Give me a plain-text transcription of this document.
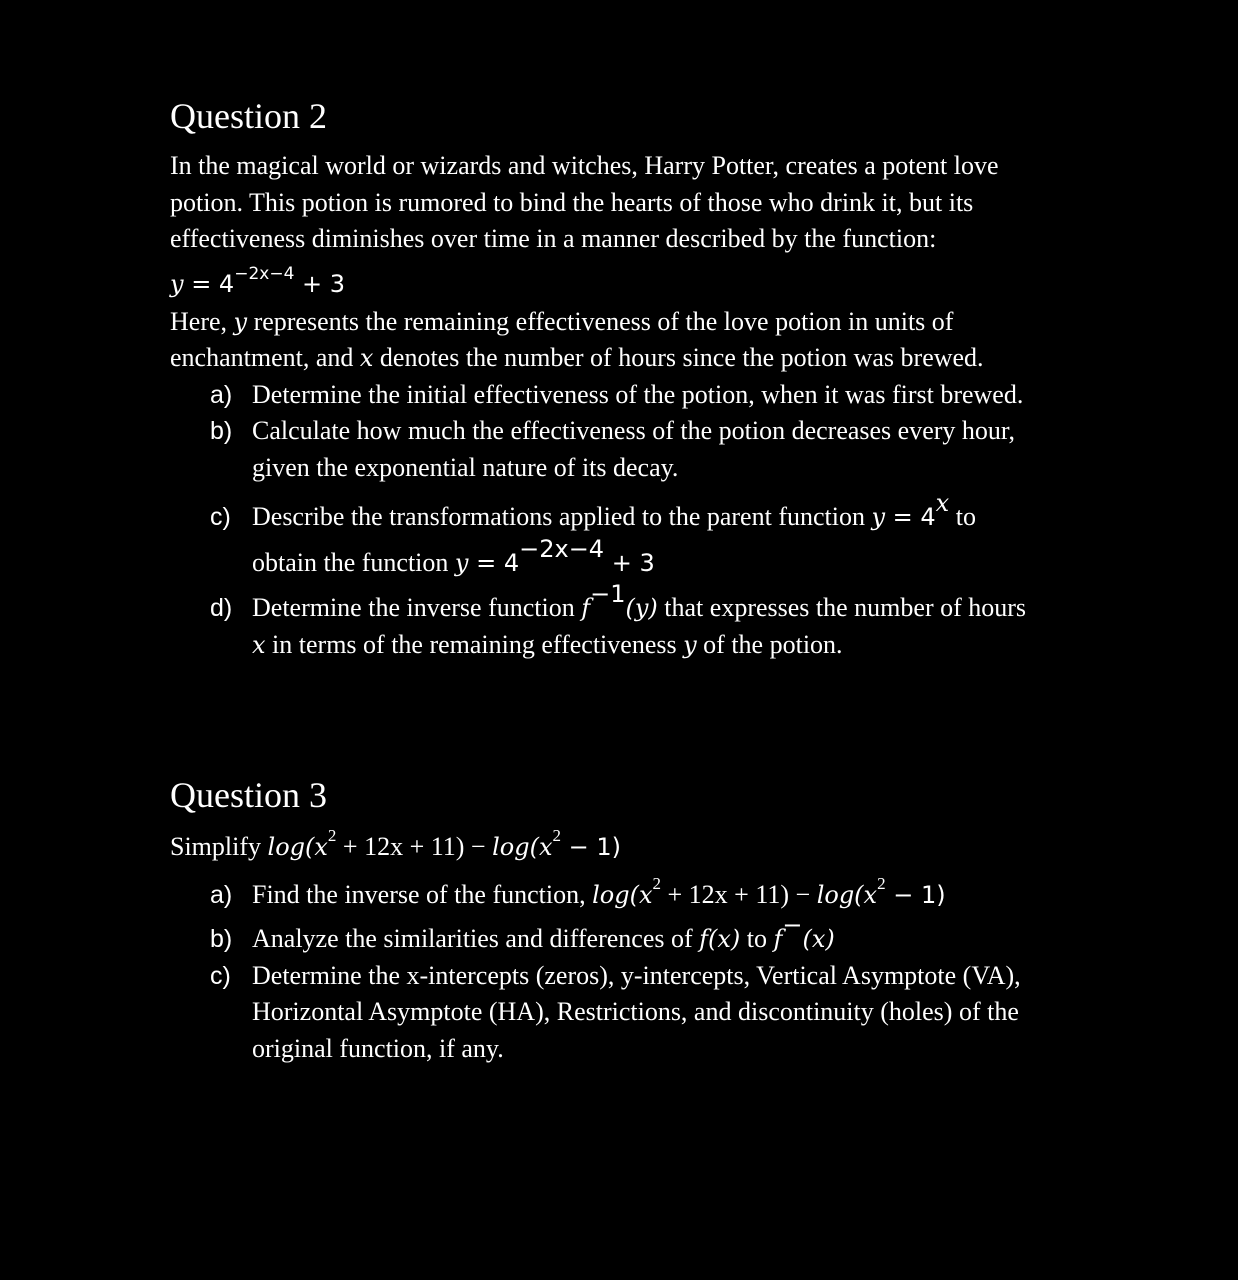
Question 2

In the magical world or wizards and witches, Harry Potter, creates a potent love potion. This potion is rumored to bind the hearts of those who drink it, but its effectiveness diminishes over time in a manner described by the function:

$y = 4^{-2x-4} + 3$

Here, y represents the remaining effectiveness of the love potion in units of enchantment, and x denotes the number of hours since the potion was brewed.

a) Determine the initial effectiveness of the potion, when it was first brewed.
b) Calculate how much the effectiveness of the potion decreases every hour, given the exponential nature of its decay.
c) Describe the transformations applied to the parent function $y = 4^x$ to obtain the function $y = 4^{-2x-4} + 3$
d) Determine the inverse function $f^{-1}(y)$ that expresses the number of hours x in terms of the remaining effectiveness y of the potion.
Question 3

Simplify $\log(x^2 + 12x + 11) - \log(x^2 - 1)$

a) Find the inverse of the function, $\log(x^2 + 12x + 11) - \log(x^2 - 1)$
b) Analyze the similarities and differences of f(x) to f−(x)
c) Determine the x-intercepts (zeros), y-intercepts, Vertical Asymptote (VA), Horizontal Asymptote (HA), Restrictions, and discontinuity (holes) of the original function, if any.
